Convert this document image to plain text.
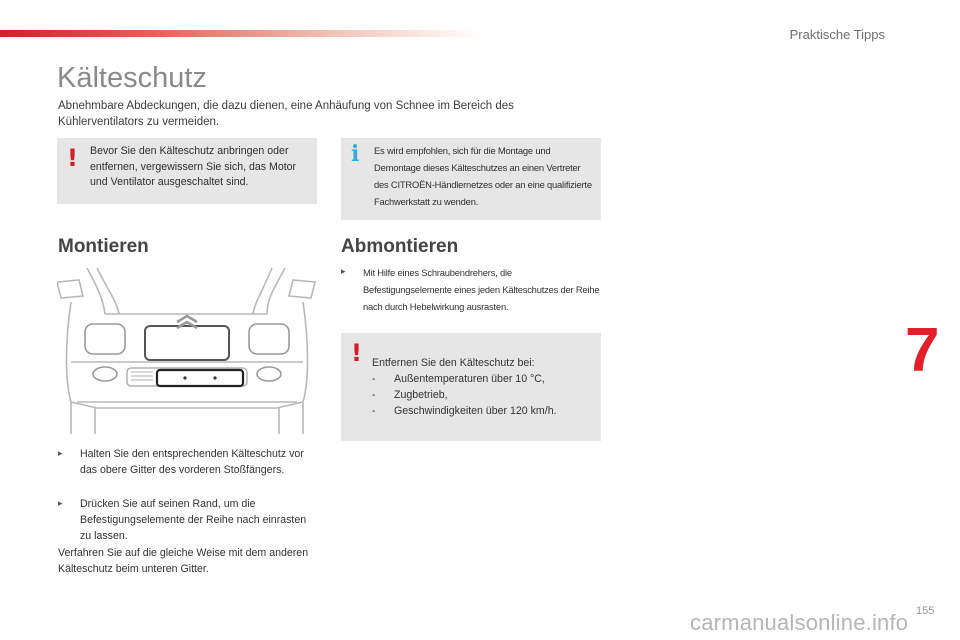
Praktische Tipps
Kälteschutz
Abnehmbare Abdeckungen, die dazu dienen, eine Anhäufung von Schnee im Bereich des Kühlerventilators zu vermeiden.
! Bevor Sie den Kälteschutz anbringen oder entfernen, vergewissern Sie sich, das Motor und Ventilator ausgeschaltet sind.
i Es wird empfohlen, sich für die Montage und Demontage dieses Kälteschutzes an einen Vertreter des CITROËN-Händlernetzes oder an eine qualifizierte Fachwerkstatt zu wenden.
Montieren
▸	Halten Sie den entsprechenden Kälteschutz vor das obere Gitter des vorderen Stoßfängers.
▸	Drücken Sie auf seinen Rand, um die Befestigungselemente der Reihe nach einrasten zu lassen.
Verfahren Sie auf die gleiche Weise mit dem anderen Kälteschutz beim unteren Gitter.
Abmontieren
▸	Mit Hilfe eines Schraubendrehers, die Befestigungselemente eines jeden Kälteschutzes der Reihe nach durch Hebelwirkung ausrasten.
! Entfernen Sie den Kälteschutz bei:
- Außentemperaturen über 10 °C,
- Zugbetrieb,
- Geschwindigkeiten über 120 km/h.
7
155
carmanualsonline.info
